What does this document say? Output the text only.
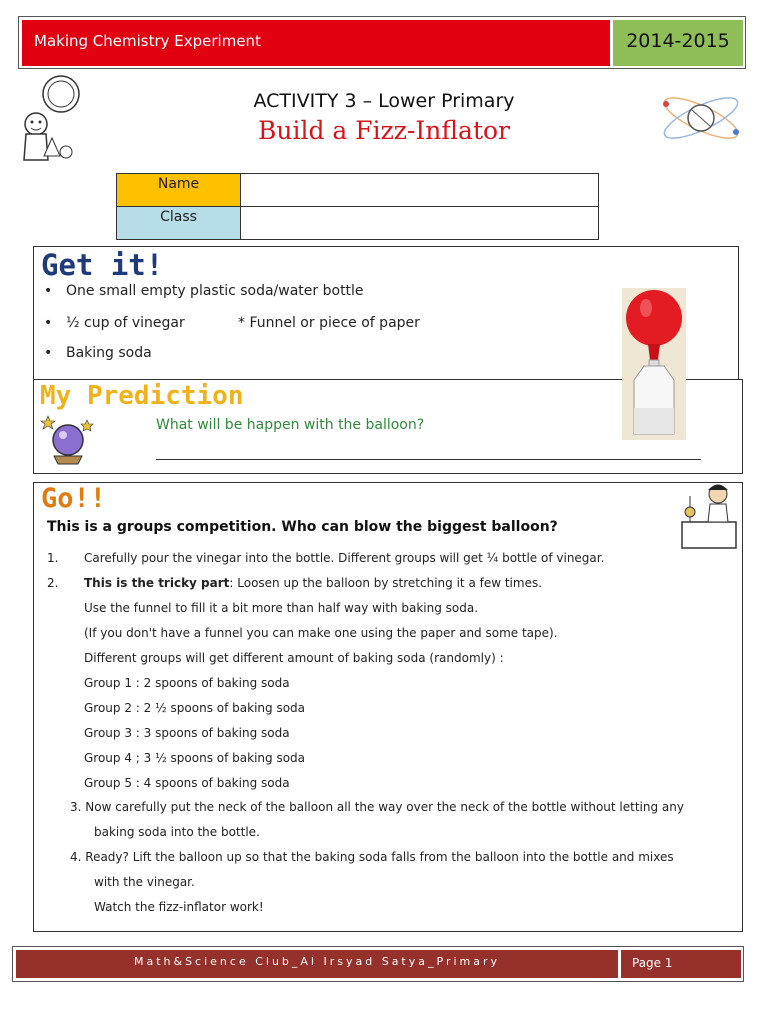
Making Chemistry Experiment	2014-2015
ACTIVITY 3 – Lower Primary
Build a Fizz-Inflator
Name	
Class	
Get it!
• One small empty plastic soda/water bottle
• ½ cup of vinegar	* Funnel or piece of paper
• Baking soda
My Prediction
What will be happen with the balloon?
Go!!
This is a groups competition. Who can blow the biggest balloon?
1. Carefully pour the vinegar into the bottle. Different groups will get ¼ bottle of vinegar.
2. This is the tricky part: Loosen up the balloon by stretching it a few times.
Use the funnel to fill it a bit more than half way with baking soda.
(If you don't have a funnel you can make one using the paper and some tape).
Different groups will get different amount of baking soda (randomly) :
Group 1 : 2 spoons of baking soda
Group 2 : 2 ½ spoons of baking soda
Group 3 : 3 spoons of baking soda
Group 4 ; 3 ½ spoons of baking soda
Group 5 : 4 spoons of baking soda
3. Now carefully put the neck of the balloon all the way over the neck of the bottle without letting any
baking soda into the bottle.
4. Ready? Lift the balloon up so that the baking soda falls from the balloon into the bottle and mixes
with the vinegar.
Watch the fizz-inflator work!
Math&Science Club_Al Irsyad Satya_Primary	Page 1
